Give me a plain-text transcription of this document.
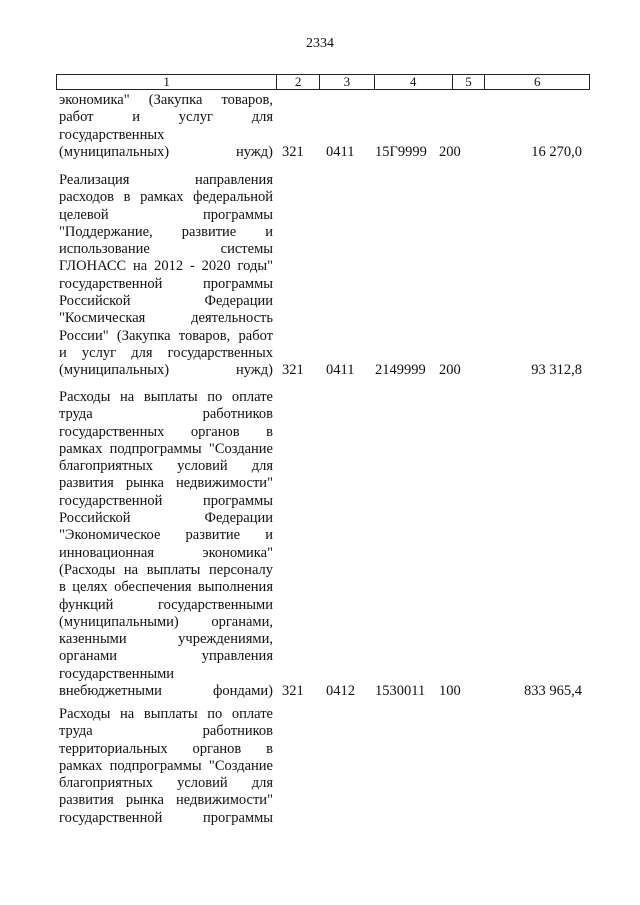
2334
1	2	3	4	5	6
экономика" (Закупка товаров,
работ и услуг для
государственных
(муниципальных) нужд) 321 0411 15Г9999 200	16 270,0
Реализация направления
расходов в рамках федеральной
целевой программы
"Поддержание, развитие и
использование системы
ГЛОНАСС на 2012 - 2020 годы"
государственной программы
Российской Федерации
"Космическая деятельность
России" (Закупка товаров, работ
и услуг для государственных
(муниципальных) нужд) 321 0411 2149999 200	93 312,8
Расходы на выплаты по оплате
труда работников
государственных органов в
рамках подпрограммы "Создание
благоприятных условий для
развития рынка недвижимости"
государственной программы
Российской Федерации
"Экономическое развитие и
инновационная экономика"
(Расходы на выплаты персоналу
в целях обеспечения выполнения
функций государственными
(муниципальными) органами,
казенными учреждениями,
органами управления
государственными
внебюджетными фондами) 321 0412 1530011 100	833 965,4
Расходы на выплаты по оплате
труда работников
территориальных органов в
рамках подпрограммы "Создание
благоприятных условий для
развития рынка недвижимости"
государственной программы
